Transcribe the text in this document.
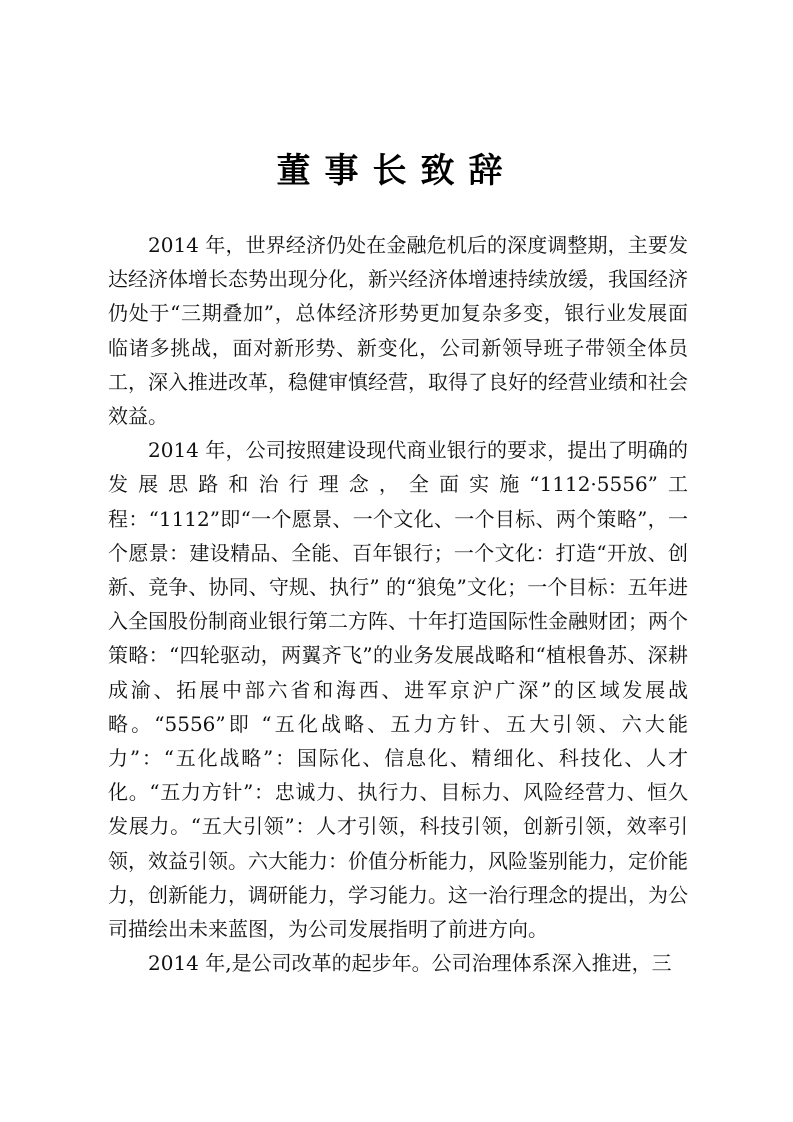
董事长致辞

2014 年，世界经济仍处在金融危机后的深度调整期，主要发达经济体增长态势出现分化，新兴经济体增速持续放缓，我国经济仍处于“三期叠加”，总体经济形势更加复杂多变，银行业发展面临诸多挑战，面对新形势、新变化，公司新领导班子带领全体员工，深入推进改革，稳健审慎经营，取得了良好的经营业绩和社会效益。

2014 年，公司按照建设现代商业银行的要求，提出了明确的发展思路和治行理念，全面实施“1112·5556”工程：“1112”即“一个愿景、一个文化、一个目标、两个策略”，一个愿景：建设精品、全能、百年银行；一个文化：打造“开放、创新、竞争、协同、守规、执行” 的“狼兔”文化；一个目标：五年进入全国股份制商业银行第二方阵、十年打造国际性金融财团；两个策略：“四轮驱动，两翼齐飞”的业务发展战略和“植根鲁苏、深耕成渝、拓展中部六省和海西、进军京沪广深”的区域发展战略。“5556”即 “五化战略、五力方针、五大引领、六大能力”：“五化战略”：国际化、信息化、精细化、科技化、人才化。“五力方针”：忠诚力、执行力、目标力、风险经营力、恒久发展力。“五大引领”：人才引领，科技引领，创新引领，效率引领，效益引领。六大能力：价值分析能力，风险鉴别能力，定价能力，创新能力，调研能力，学习能力。这一治行理念的提出，为公司描绘出未来蓝图，为公司发展指明了前进方向。

2014 年,是公司改革的起步年。公司治理体系深入推进，三
